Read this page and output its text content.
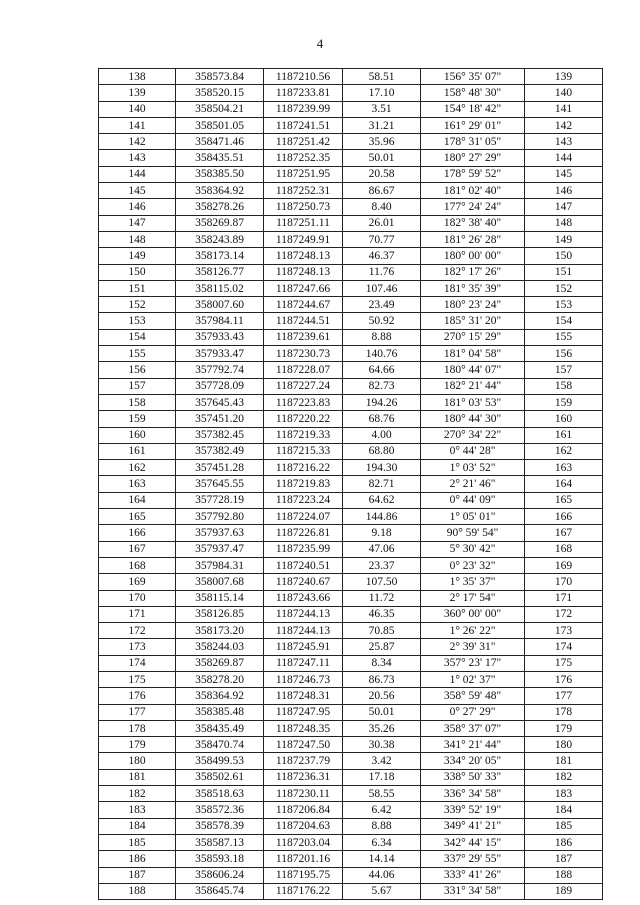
4
138	358573.84	1187210.56	58.51	156° 35' 07"	139
139	358520.15	1187233.81	17.10	158° 48' 30"	140
140	358504.21	1187239.99	3.51	154° 18' 42"	141
141	358501.05	1187241.51	31.21	161° 29' 01"	142
142	358471.46	1187251.42	35.96	178° 31' 05"	143
143	358435.51	1187252.35	50.01	180° 27' 29"	144
144	358385.50	1187251.95	20.58	178° 59' 52"	145
145	358364.92	1187252.31	86.67	181° 02' 40"	146
146	358278.26	1187250.73	8.40	177° 24' 24"	147
147	358269.87	1187251.11	26.01	182° 38' 40"	148
148	358243.89	1187249.91	70.77	181° 26' 28"	149
149	358173.14	1187248.13	46.37	180° 00' 00"	150
150	358126.77	1187248.13	11.76	182° 17' 26"	151
151	358115.02	1187247.66	107.46	181° 35' 39"	152
152	358007.60	1187244.67	23.49	180° 23' 24"	153
153	357984.11	1187244.51	50.92	185° 31' 20"	154
154	357933.43	1187239.61	8.88	270° 15' 29"	155
155	357933.47	1187230.73	140.76	181° 04' 58"	156
156	357792.74	1187228.07	64.66	180° 44' 07"	157
157	357728.09	1187227.24	82.73	182° 21' 44"	158
158	357645.43	1187223.83	194.26	181° 03' 53"	159
159	357451.20	1187220.22	68.76	180° 44' 30"	160
160	357382.45	1187219.33	4.00	270° 34' 22"	161
161	357382.49	1187215.33	68.80	0° 44' 28"	162
162	357451.28	1187216.22	194.30	1° 03' 52"	163
163	357645.55	1187219.83	82.71	2° 21' 46"	164
164	357728.19	1187223.24	64.62	0° 44' 09"	165
165	357792.80	1187224.07	144.86	1° 05' 01"	166
166	357937.63	1187226.81	9.18	90° 59' 54"	167
167	357937.47	1187235.99	47.06	5° 30' 42"	168
168	357984.31	1187240.51	23.37	0° 23' 32"	169
169	358007.68	1187240.67	107.50	1° 35' 37"	170
170	358115.14	1187243.66	11.72	2° 17' 54"	171
171	358126.85	1187244.13	46.35	360° 00' 00"	172
172	358173.20	1187244.13	70.85	1° 26' 22"	173
173	358244.03	1187245.91	25.87	2° 39' 31"	174
174	358269.87	1187247.11	8.34	357° 23' 17"	175
175	358278.20	1187246.73	86.73	1° 02' 37"	176
176	358364.92	1187248.31	20.56	358° 59' 48"	177
177	358385.48	1187247.95	50.01	0° 27' 29"	178
178	358435.49	1187248.35	35.26	358° 37' 07"	179
179	358470.74	1187247.50	30.38	341° 21' 44"	180
180	358499.53	1187237.79	3.42	334° 20' 05"	181
181	358502.61	1187236.31	17.18	338° 50' 33"	182
182	358518.63	1187230.11	58.55	336° 34' 58"	183
183	358572.36	1187206.84	6.42	339° 52' 19"	184
184	358578.39	1187204.63	8.88	349° 41' 21"	185
185	358587.13	1187203.04	6.34	342° 44' 15"	186
186	358593.18	1187201.16	14.14	337° 29' 55"	187
187	358606.24	1187195.75	44.06	333° 41' 26"	188
188	358645.74	1187176.22	5.67	331° 34' 58"	189
